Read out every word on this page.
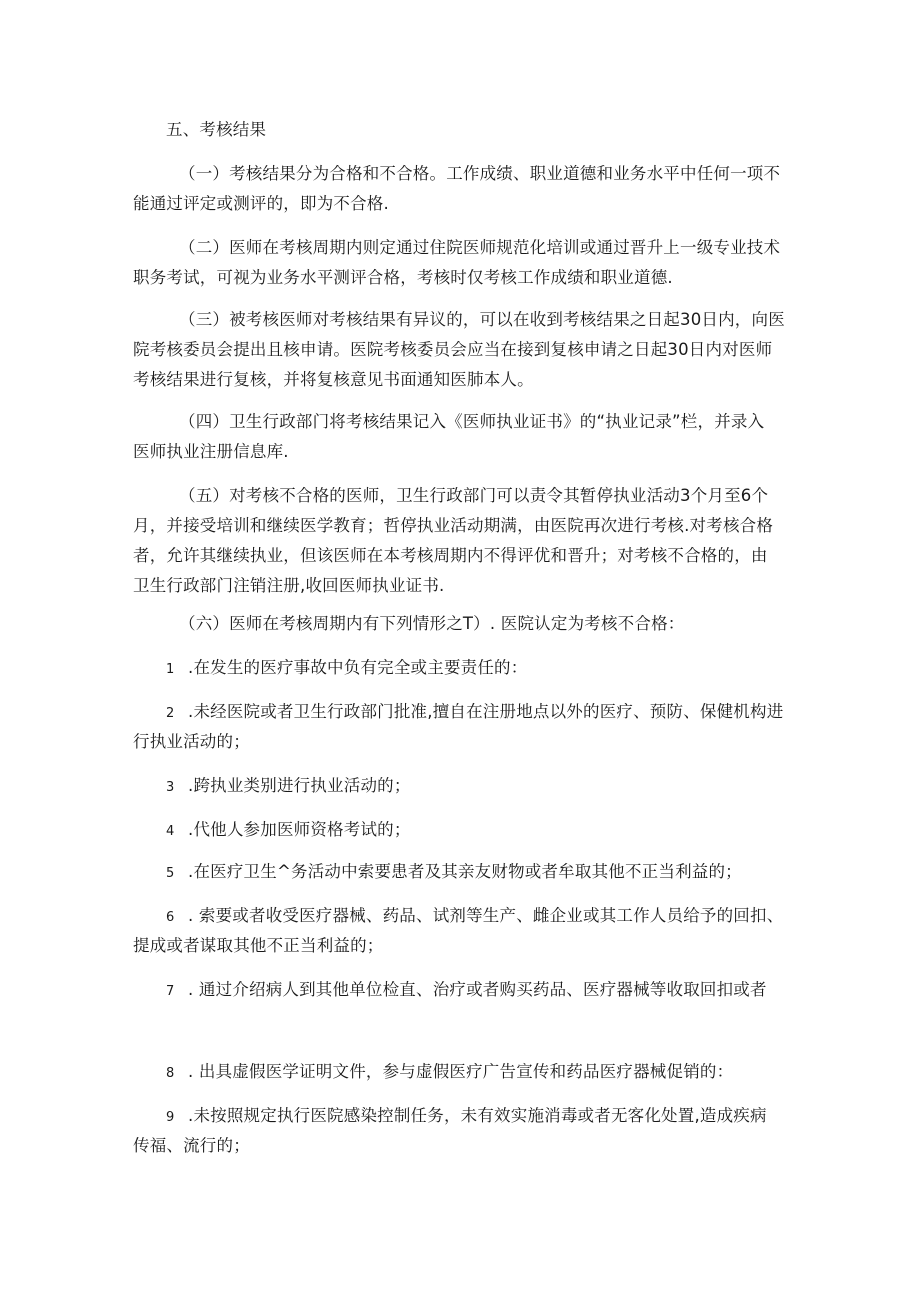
五、考核结果
（一）考核结果分为合格和不合格。工作成绩、职业道德和业务水平中任何一项不
能通过评定或测评的，即为不合格.
（二）医师在考核周期内则定通过住院医师规范化培训或通过晋升上一级专业技术
职务考试，可视为业务水平测评合格，考核时仅考核工作成绩和职业道德.
（三）被考核医师对考核结果有异议的，可以在收到考核结果之日起30日内，向医
院考核委员会提出且核申请。医院考核委员会应当在接到复核申请之日起30日内对医师
考核结果进行复核，并将复核意见书面通知医肺本人。
（四）卫生行政部门将考核结果记入《医师执业证书》的“执业记录”栏，并录入
医师执业注册信息库.
（五）对考核不合格的医师，卫生行政部门可以责令其暂停执业活动3个月至6个
月，并接受培训和继续医学教育；哲停执业活动期满，由医院再次进行考核.对考核合格
者，允许其继续执业，但该医师在本考核周期内不得评优和晋升；对考核不合格的，由
卫生行政部门注销注册,收回医师执业证书.
（六）医师在考核周期内有下列情形之T）. 医院认定为考核不合格：
1 .在发生的医疗事故中负有完全或主要责任的：
2 .未经医院或者卫生行政部门批准,擅自在注册地点以外的医疗、预防、保健机构进
行执业活动的；
3 .跨执业类别进行执业活动的；
4 .代他人参加医师资格考试的；
5 .在医疗卫生^务活动中索要患者及其亲友财物或者牟取其他不正当利益的；
6 . 索要或者收受医疗器械、药品、试剂等生产、雌企业或其工作人员给予的回扣、
提成或者谋取其他不正当利益的；
7 . 通过介绍病人到其他单位检直、治疗或者购买药品、医疗器械等收取回扣或者
8 . 出具虚假医学证明文件，参与虚假医疗广告宣传和药品医疗器械促销的：
9 .未按照规定执行医院感染控制任务，未有效实施消毒或者无客化处置,造成疾病
传福、流行的；
